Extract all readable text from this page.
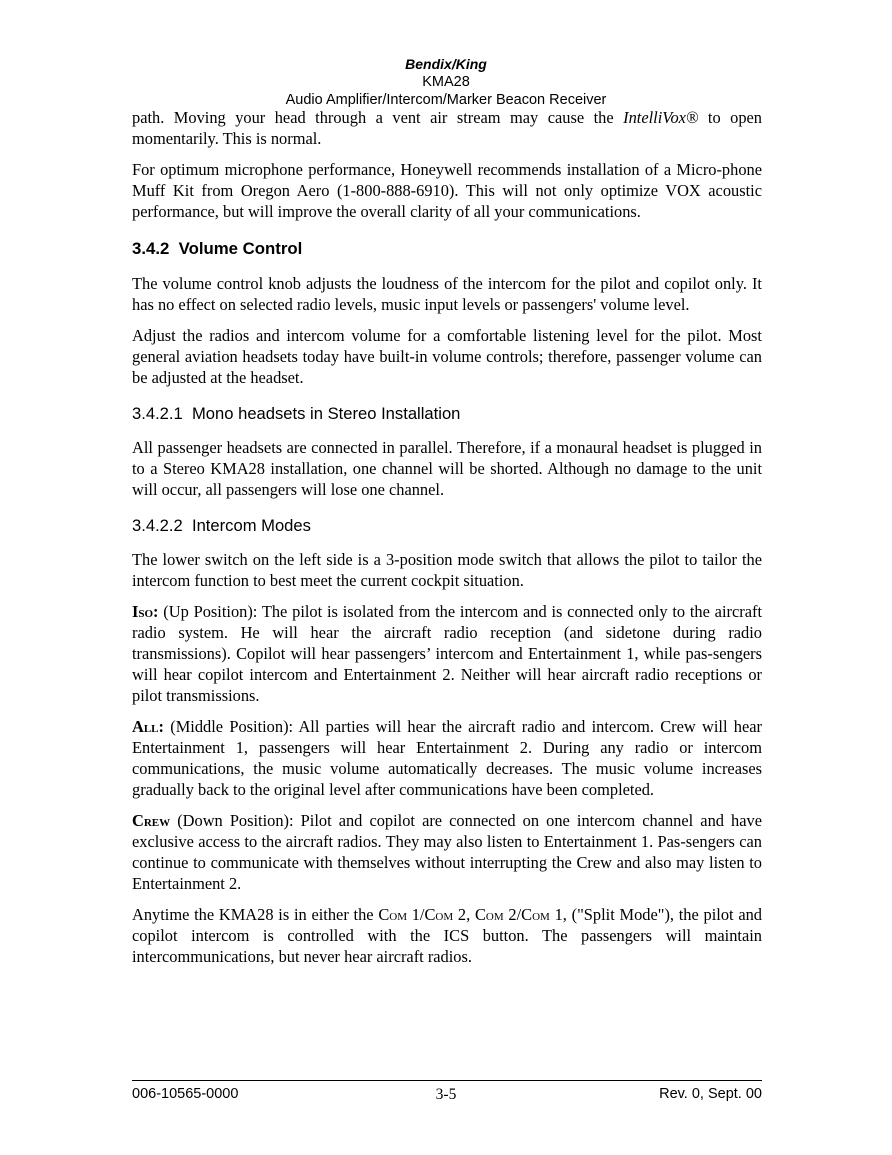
Bendix/King
KMA28
Audio Amplifier/Intercom/Marker Beacon Receiver

path. Moving your head through a vent air stream may cause the IntelliVox® to open momentarily. This is normal.

For optimum microphone performance, Honeywell recommends installation of a Micro-phone Muff Kit from Oregon Aero (1-800-888-6910). This will not only optimize VOX acoustic performance, but will improve the overall clarity of all your communications.

3.4.2  Volume Control

The volume control knob adjusts the loudness of the intercom for the pilot and copilot only. It has no effect on selected radio levels, music input levels or passengers' volume level.

Adjust the radios and intercom volume for a comfortable listening level for the pilot. Most general aviation headsets today have built-in volume controls; therefore, passenger volume can be adjusted at the headset.

3.4.2.1  Mono headsets in Stereo Installation

All passenger headsets are connected in parallel. Therefore, if a monaural headset is plugged in to a Stereo KMA28 installation, one channel will be shorted. Although no damage to the unit will occur, all passengers will lose one channel.

3.4.2.2  Intercom Modes

The lower switch on the left side is a 3-position mode switch that allows the pilot to tailor the intercom function to best meet the current cockpit situation.

Iso: (Up Position): The pilot is isolated from the intercom and is connected only to the aircraft radio system. He will hear the aircraft radio reception (and sidetone during radio transmissions). Copilot will hear passengers’ intercom and Entertainment 1, while pas-sengers will hear copilot intercom and Entertainment 2. Neither will hear aircraft radio receptions or pilot transmissions.

All: (Middle Position): All parties will hear the aircraft radio and intercom. Crew will hear Entertainment 1, passengers will hear Entertainment 2. During any radio or intercom communications, the music volume automatically decreases. The music volume increases gradually back to the original level after communications have been completed.

Crew (Down Position): Pilot and copilot are connected on one intercom channel and have exclusive access to the aircraft radios. They may also listen to Entertainment 1. Pas-sengers can continue to communicate with themselves without interrupting the Crew and also may listen to Entertainment 2.

Anytime the KMA28 is in either the Com 1/Com 2, Com 2/Com 1, ("Split Mode"), the pilot and copilot intercom is controlled with the ICS button. The passengers will maintain intercommunications, but never hear aircraft radios.

006-10565-0000	3-5	Rev. 0, Sept. 00
